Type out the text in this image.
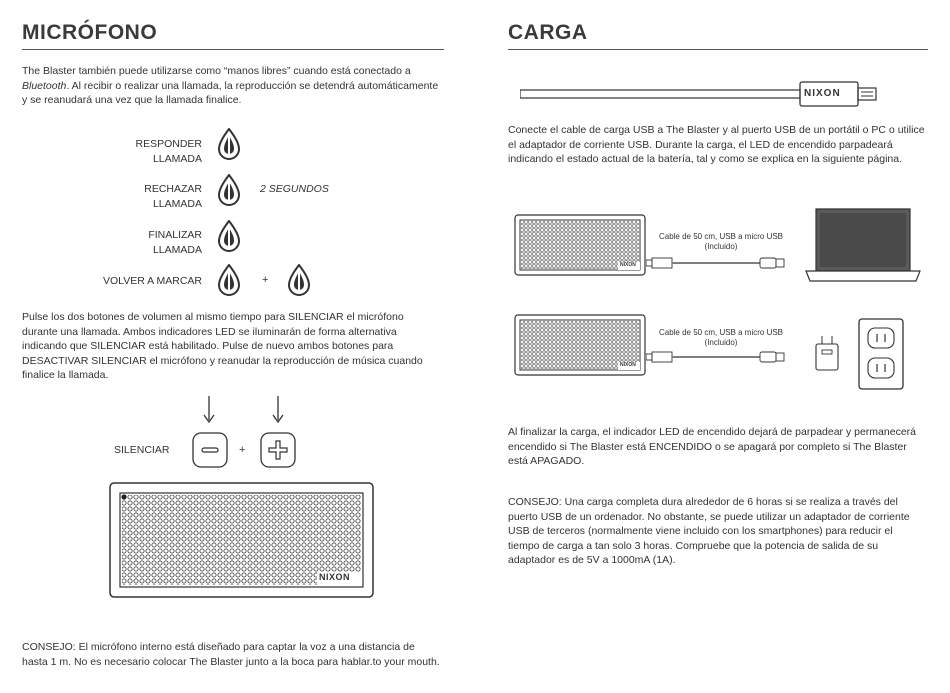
MICRÓFONO

The Blaster también puede utilizarse como “manos libres” cuando está conectado a Bluetooth. Al recibir o realizar una llamada, la reproducción se detendrá automáticamente y se reanudará una vez que la llamada finalice.

RESPONDER
LLAMADA
RECHAZAR
LLAMADA
2 SEGUNDOS
FINALIZAR
LLAMADA
VOLVER A MARCAR	+

Pulse los dos botones de volumen al mismo tiempo para SILENCIAR el micrófono durante una llamada. Ambos indicadores LED se iluminarán de forma alternativa indicando que SILENCIAR está habilitado. Pulse de nuevo ambos botones para DESACTIVAR SILENCIAR el micrófono y reanudar la reproducción de música cuando finalice la llamada.

SILENCIAR	+
NIXON

CONSEJO: El micrófono interno está diseñado para captar la voz a una distancia de hasta 1 m. No es necesario colocar The Blaster junto a la boca para hablar.to your mouth.

CARGA
NIXON

Conecte el cable de carga USB a The Blaster y al puerto USB de un portátil o PC o utilice el adaptador de corriente USB. Durante la carga, el LED de encendido parpadeará indicando el estado actual de la batería, tal y como se explica en la siguiente página.

NIXON
Cable de 50 cm, USB a micro USB
(Incluido)
NIXON
Cable de 50 cm, USB a micro USB
(Incluido)

Al finalizar la carga, el indicador LED de encendido dejará de parpadear y permanecerá encendido si The Blaster está ENCENDIDO o se apagará por completo si The Blaster está APAGADO.

CONSEJO: Una carga completa dura alrededor de 6 horas si se realiza a través del puerto USB de un ordenador. No obstante, se puede utilizar un adaptador de corriente USB de terceros (normalmente viene incluido con los smartphones) para reducir el tiempo de carga a tan solo 3 horas. Compruebe que la potencia de salida de su adaptador es de 5V a 1000mA (1A).
